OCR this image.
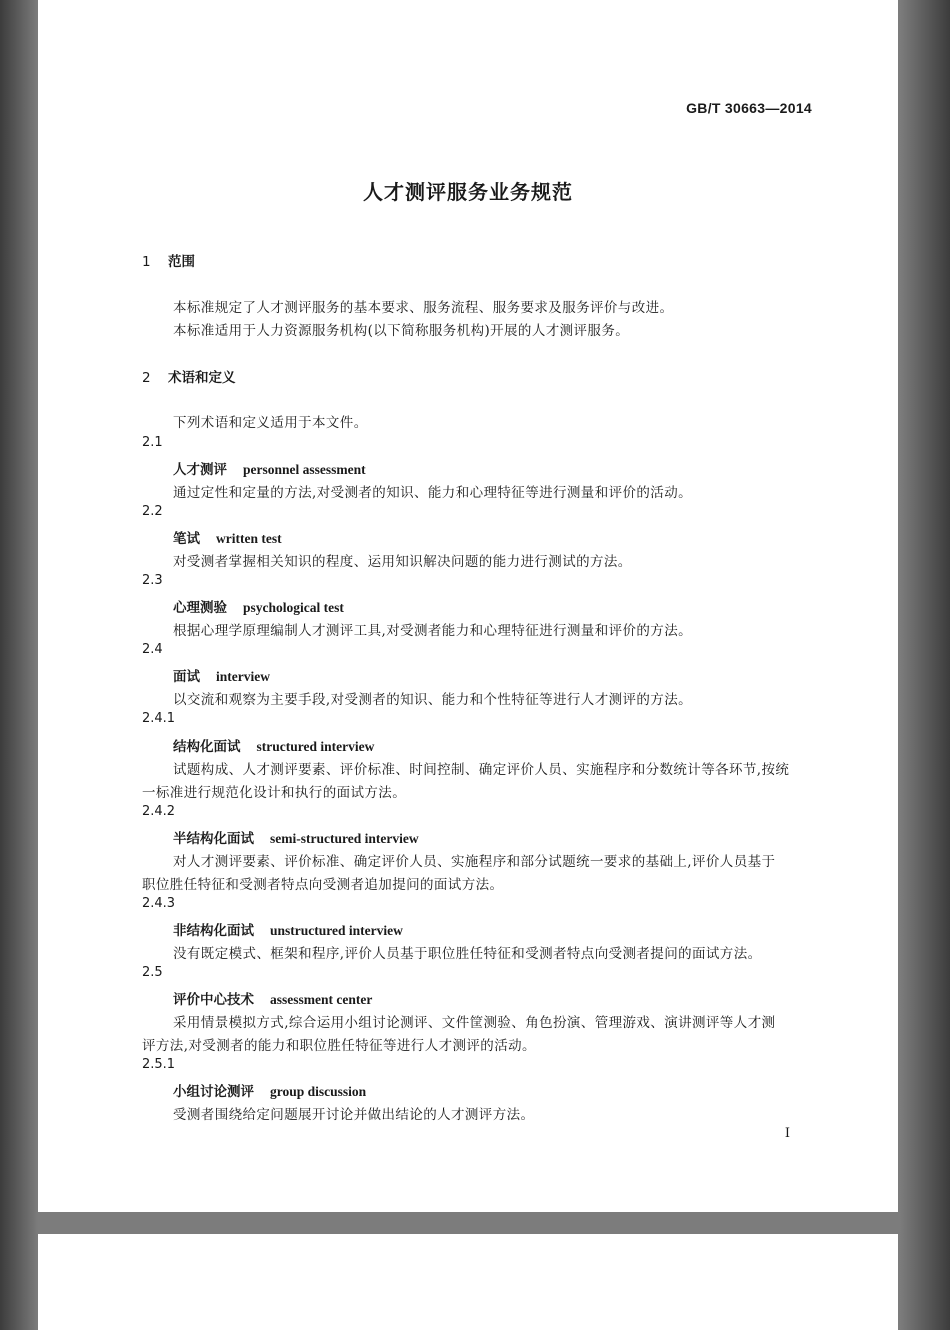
GB/T 30663—2014
人才测评服务业务规范
1 范围
本标准规定了人才测评服务的基本要求、服务流程、服务要求及服务评价与改进。
本标准适用于人力资源服务机构(以下简称服务机构)开展的人才测评服务。
2 术语和定义
下列术语和定义适用于本文件。
2.1
人才测评 personnel assessment
通过定性和定量的方法,对受测者的知识、能力和心理特征等进行测量和评价的活动。
2.2
笔试 written test
对受测者掌握相关知识的程度、运用知识解决问题的能力进行测试的方法。
2.3
心理测验 psychological test
根据心理学原理编制人才测评工具,对受测者能力和心理特征进行测量和评价的方法。
2.4
面试 interview
以交流和观察为主要手段,对受测者的知识、能力和个性特征等进行人才测评的方法。
2.4.1
结构化面试 structured interview
试题构成、人才测评要素、评价标准、时间控制、确定评价人员、实施程序和分数统计等各环节,按统
一标准进行规范化设计和执行的面试方法。
2.4.2
半结构化面试 semi-structured interview
对人才测评要素、评价标准、确定评价人员、实施程序和部分试题统一要求的基础上,评价人员基于
职位胜任特征和受测者特点向受测者追加提问的面试方法。
2.4.3
非结构化面试 unstructured interview
没有既定模式、框架和程序,评价人员基于职位胜任特征和受测者特点向受测者提问的面试方法。
2.5
评价中心技术 assessment center
采用情景模拟方式,综合运用小组讨论测评、文件筐测验、角色扮演、管理游戏、演讲测评等人才测
评方法,对受测者的能力和职位胜任特征等进行人才测评的活动。
2.5.1
小组讨论测评 group discussion
受测者围绕给定问题展开讨论并做出结论的人才测评方法。
I
